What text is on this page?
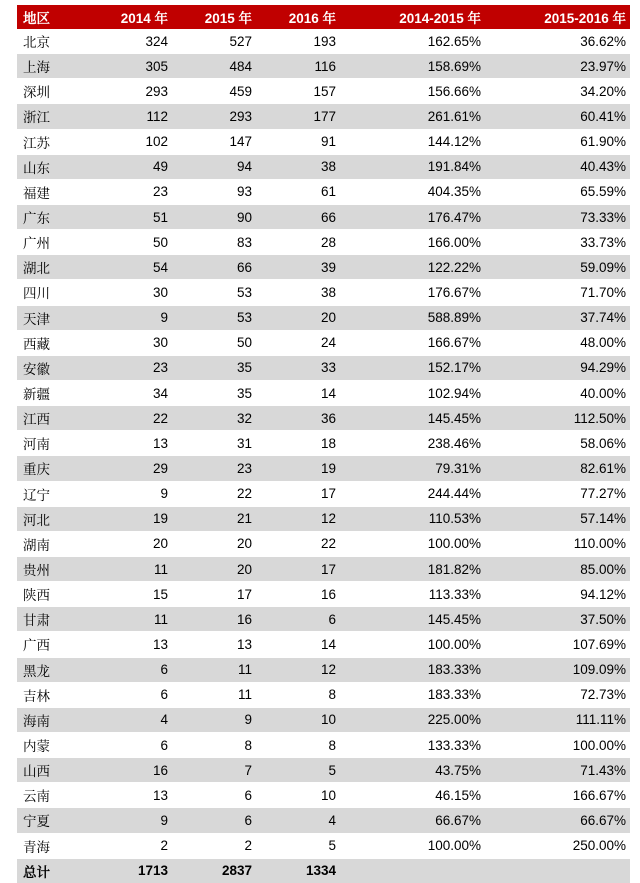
地区	2014 年	2015 年	2016 年	2014-2015 年	2015-2016 年
北京	324	527	193	162.65%	36.62%
上海	305	484	116	158.69%	23.97%
深圳	293	459	157	156.66%	34.20%
浙江	112	293	177	261.61%	60.41%
江苏	102	147	91	144.12%	61.90%
山东	49	94	38	191.84%	40.43%
福建	23	93	61	404.35%	65.59%
广东	51	90	66	176.47%	73.33%
广州	50	83	28	166.00%	33.73%
湖北	54	66	39	122.22%	59.09%
四川	30	53	38	176.67%	71.70%
天津	9	53	20	588.89%	37.74%
西藏	30	50	24	166.67%	48.00%
安徽	23	35	33	152.17%	94.29%
新疆	34	35	14	102.94%	40.00%
江西	22	32	36	145.45%	112.50%
河南	13	31	18	238.46%	58.06%
重庆	29	23	19	79.31%	82.61%
辽宁	9	22	17	244.44%	77.27%
河北	19	21	12	110.53%	57.14%
湖南	20	20	22	100.00%	110.00%
贵州	11	20	17	181.82%	85.00%
陕西	15	17	16	113.33%	94.12%
甘肃	11	16	6	145.45%	37.50%
广西	13	13	14	100.00%	107.69%
黑龙	6	11	12	183.33%	109.09%
吉林	6	11	8	183.33%	72.73%
海南	4	9	10	225.00%	111.11%
内蒙	6	8	8	133.33%	100.00%
山西	16	7	5	43.75%	71.43%
云南	13	6	10	46.15%	166.67%
宁夏	9	6	4	66.67%	66.67%
青海	2	2	5	100.00%	250.00%
总计	1713	2837	1334		
